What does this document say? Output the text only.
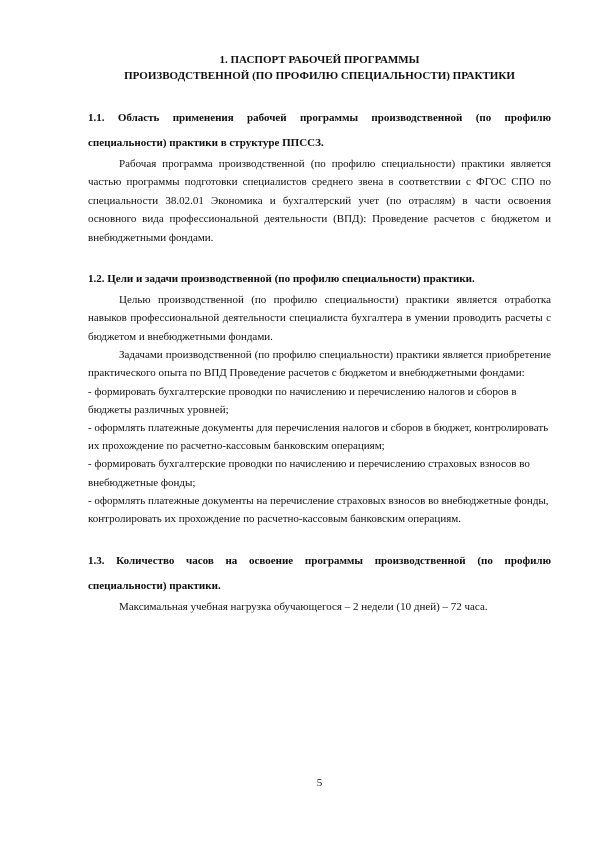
1. ПАСПОРТ РАБОЧЕЙ ПРОГРАММЫ

ПРОИЗВОДСТВЕННОЙ (ПО ПРОФИЛЮ СПЕЦИАЛЬНОСТИ) ПРАКТИКИ

1.1. Область применения рабочей программы производственной (по профилю специальности) практики в структуре ППССЗ.

Рабочая программа производственной (по профилю специальности) практики является частью программы подготовки специалистов среднего звена в соответствии с ФГОС СПО по специальности 38.02.01 Экономика и бухгалтерский учет (по отраслям) в части освоения основного вида профессиональной деятельности (ВПД): Проведение расчетов с бюджетом и внебюджетными фондами.

1.2. Цели и задачи производственной (по профилю специальности) практики.

Целью производственной (по профилю специальности) практики является отработка навыков профессиональной деятельности специалиста бухгалтера в умении проводить расчеты с бюджетом и внебюджетными фондами.

Задачами производственной (по профилю специальности) практики является приобретение практического опыта по ВПД Проведение расчетов с бюджетом и внебюджетными фондами:

- формировать бухгалтерские проводки по начислению и перечислению налогов и сборов в бюджеты различных уровней;

- оформлять платежные документы для перечисления налогов и сборов в бюджет, контролировать их прохождение по расчетно-кассовым банковским операциям;

- формировать бухгалтерские проводки по начислению и перечислению страховых взносов во внебюджетные фонды;

- оформлять платежные документы на перечисление страховых взносов во внебюджетные фонды, контролировать их прохождение по расчетно-кассовым банковским операциям.

1.3. Количество часов на освоение программы производственной (по профилю специальности) практики.

Максимальная учебная нагрузка обучающегося – 2 недели (10 дней) – 72 часа.

5
